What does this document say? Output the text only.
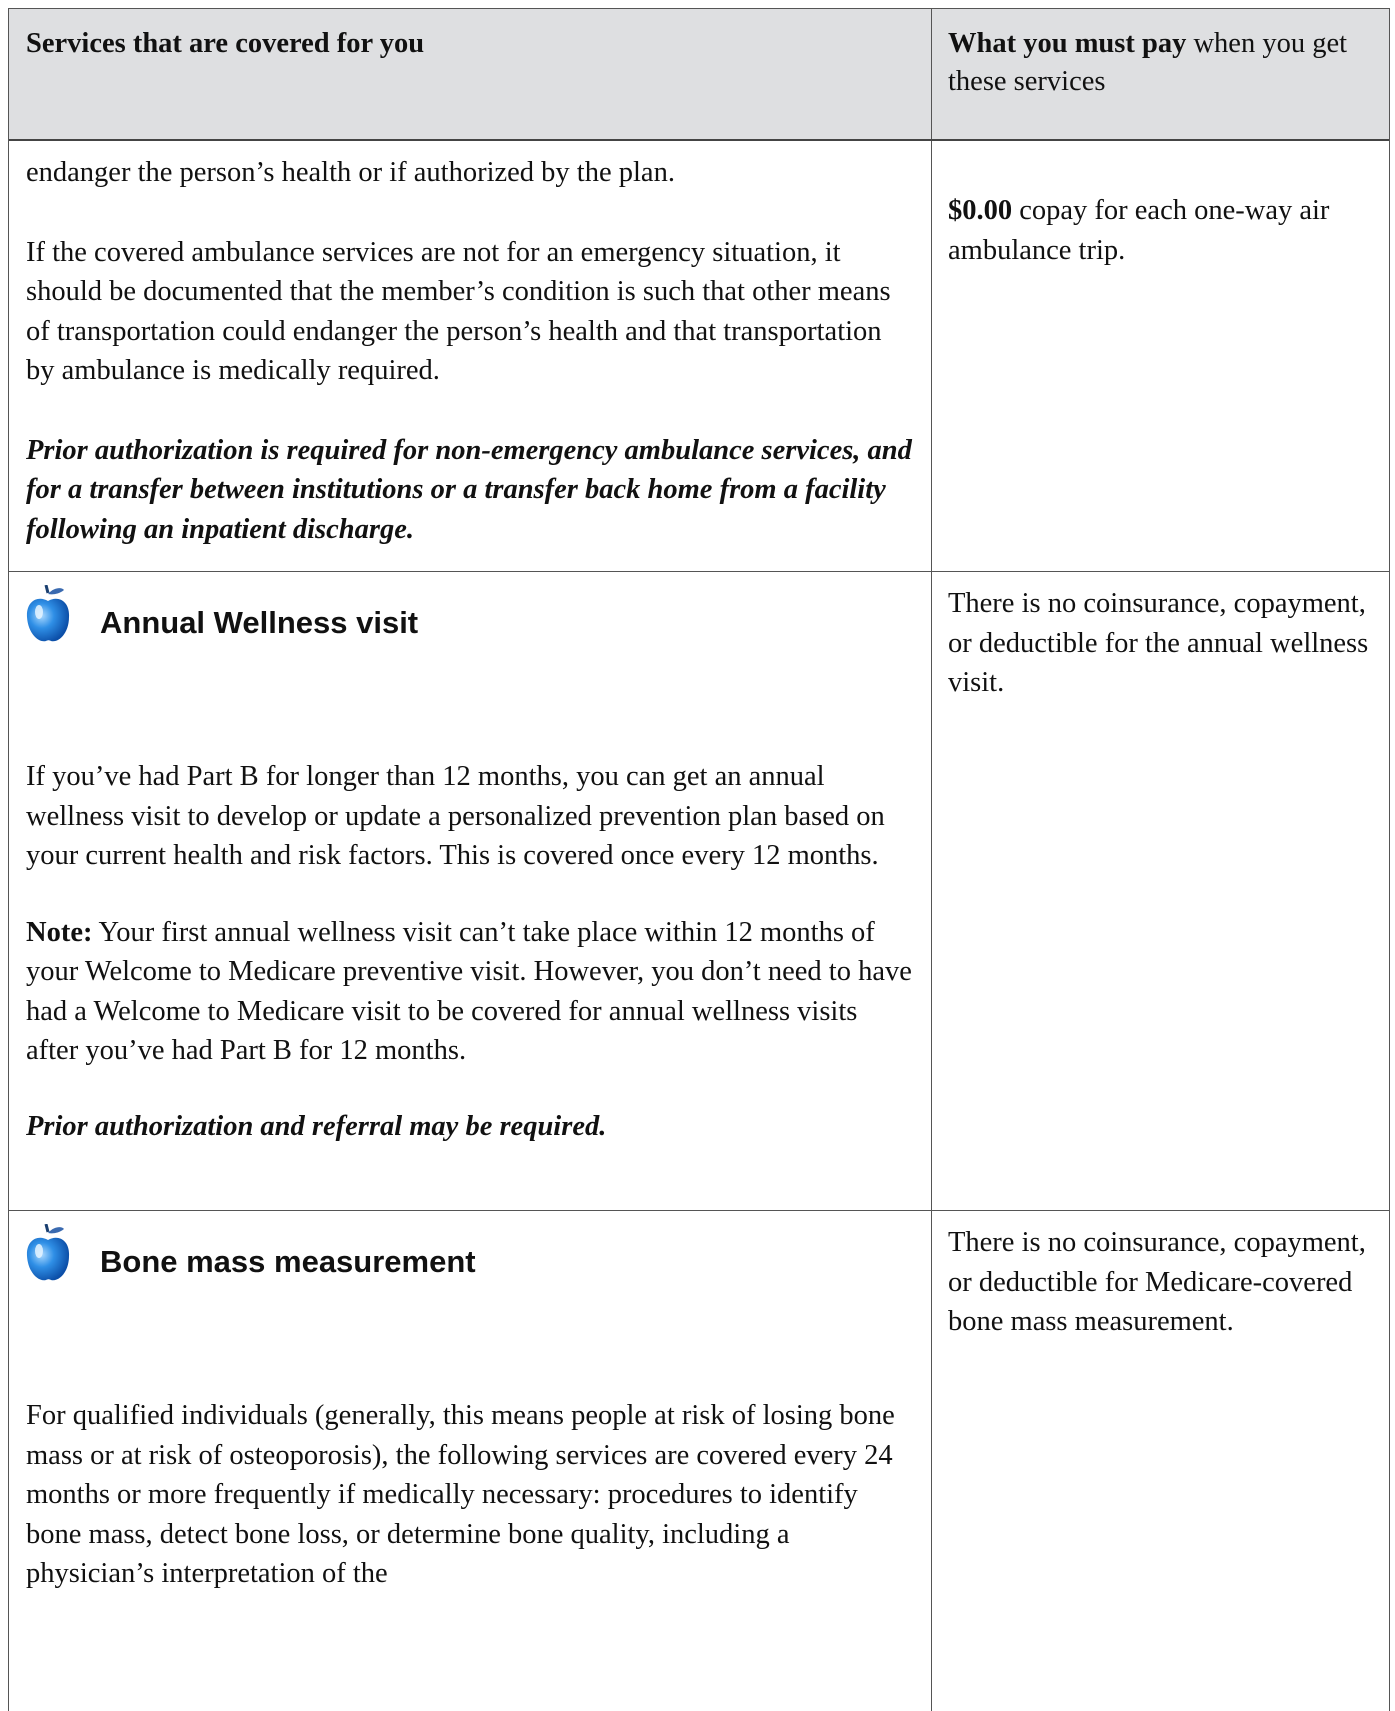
Services that are covered for you	What you must pay when you get these services

endanger the person’s health or if authorized by the plan.

If the covered ambulance services are not for an emergency situation, it should be documented that the member’s condition is such that other means of transportation could endanger the person’s health and that transportation by ambulance is medically required.

Prior authorization is required for non-emergency ambulance services, and for a transfer between institutions or a transfer back home from a facility following an inpatient discharge.

$0.00 copay for each one-way air ambulance trip.

Annual Wellness visit

If you’ve had Part B for longer than 12 months, you can get an annual wellness visit to develop or update a personalized prevention plan based on your current health and risk factors. This is covered once every 12 months.

Note: Your first annual wellness visit can’t take place within 12 months of your Welcome to Medicare preventive visit. However, you don’t need to have had a Welcome to Medicare visit to be covered for annual wellness visits after you’ve had Part B for 12 months.

Prior authorization and referral may be required.

There is no coinsurance, copayment, or deductible for the annual wellness visit.

Bone mass measurement

For qualified individuals (generally, this means people at risk of losing bone mass or at risk of osteoporosis), the following services are covered every 24 months or more frequently if medically necessary: procedures to identify bone mass, detect bone loss, or determine bone quality, including a physician’s interpretation of the

There is no coinsurance, copayment, or deductible for Medicare-covered bone mass measurement.
